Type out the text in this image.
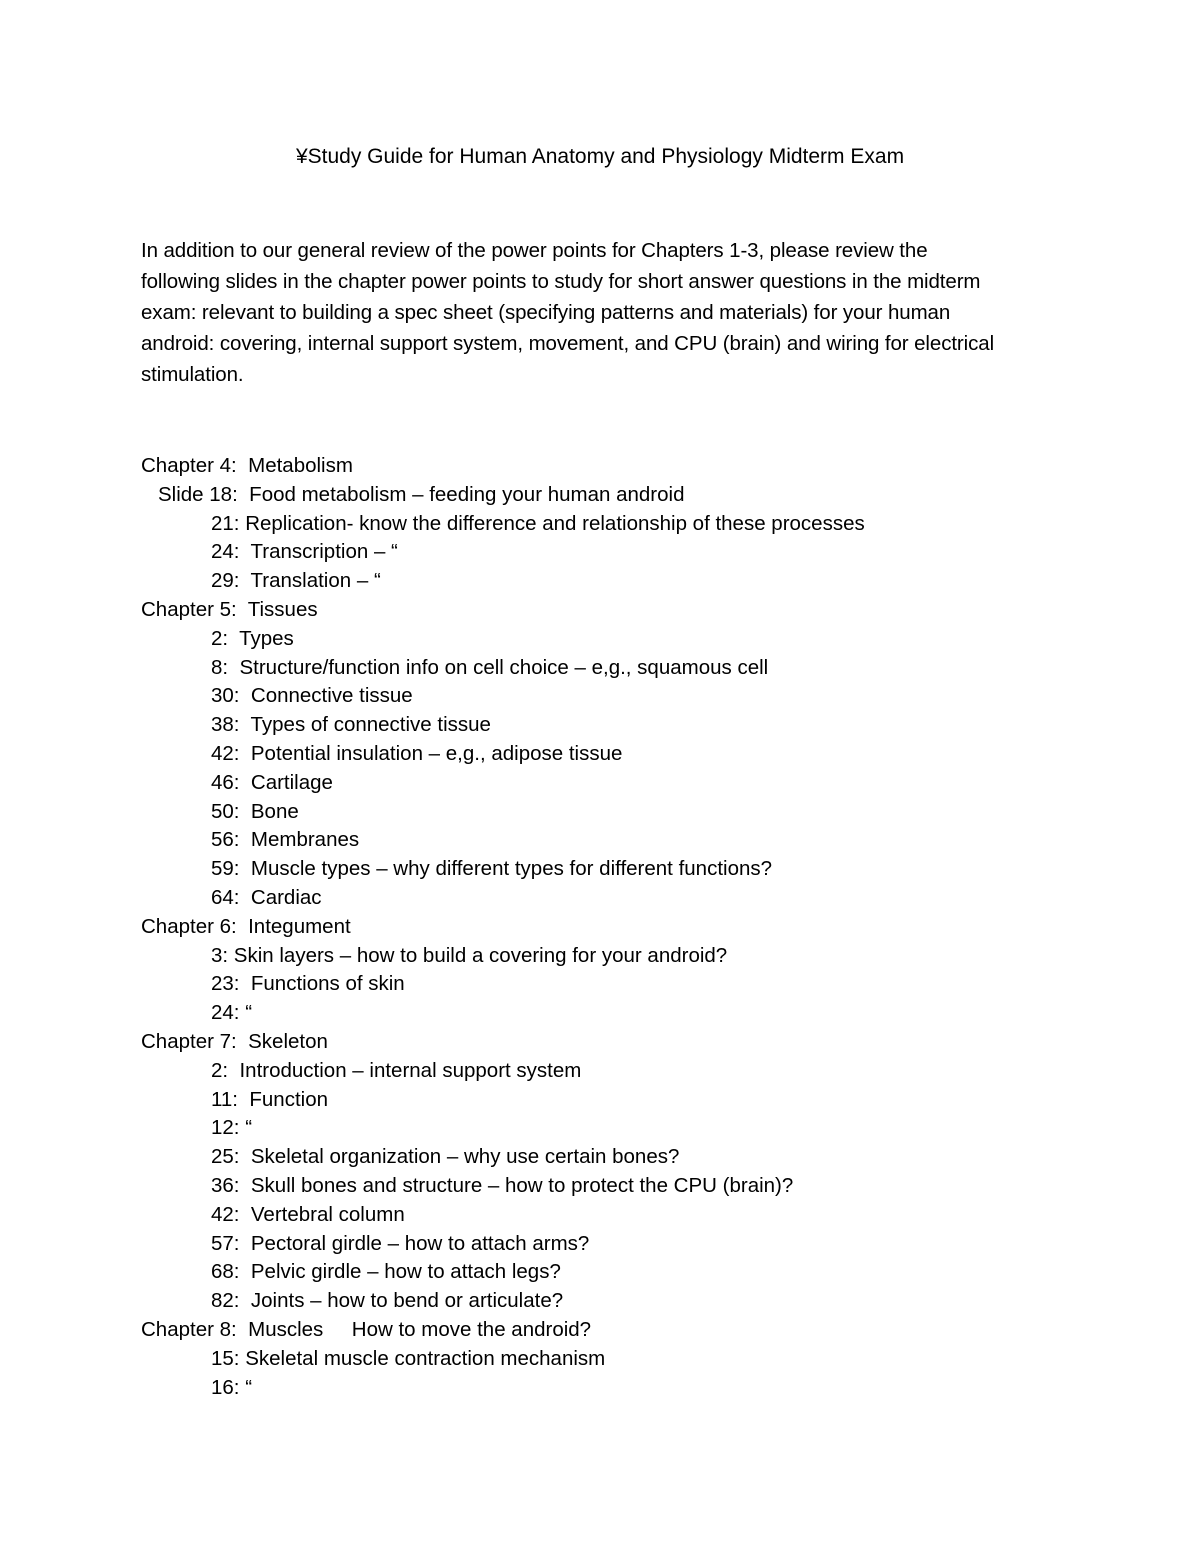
¥Study Guide for Human Anatomy and Physiology Midterm Exam
In addition to our general review of the power points for Chapters 1-3, please review the
following slides in the chapter power points to study for short answer questions in the midterm
exam: relevant to building a spec sheet (specifying patterns and materials) for your human
android: covering, internal support system, movement, and CPU (brain) and wiring for electrical
stimulation.
Chapter 4:  Metabolism
Slide 18:  Food metabolism – feeding your human android
21: Replication- know the difference and relationship of these processes
24:  Transcription – “
29:  Translation – “
Chapter 5:  Tissues
2:  Types
8:  Structure/function info on cell choice – e,g., squamous cell
30:  Connective tissue
38:  Types of connective tissue
42:  Potential insulation – e,g., adipose tissue
46:  Cartilage
50:  Bone
56:  Membranes
59:  Muscle types – why different types for different functions?
64:  Cardiac
Chapter 6:  Integument
3: Skin layers – how to build a covering for your android?
23:  Functions of skin
24: “
Chapter 7:  Skeleton
2:  Introduction – internal support system
11:  Function
12: “
25:  Skeletal organization – why use certain bones?
36:  Skull bones and structure – how to protect the CPU (brain)?
42:  Vertebral column
57:  Pectoral girdle – how to attach arms?
68:  Pelvic girdle – how to attach legs?
82:  Joints – how to bend or articulate?
Chapter 8:  Muscles     How to move the android?
15: Skeletal muscle contraction mechanism
16: “
